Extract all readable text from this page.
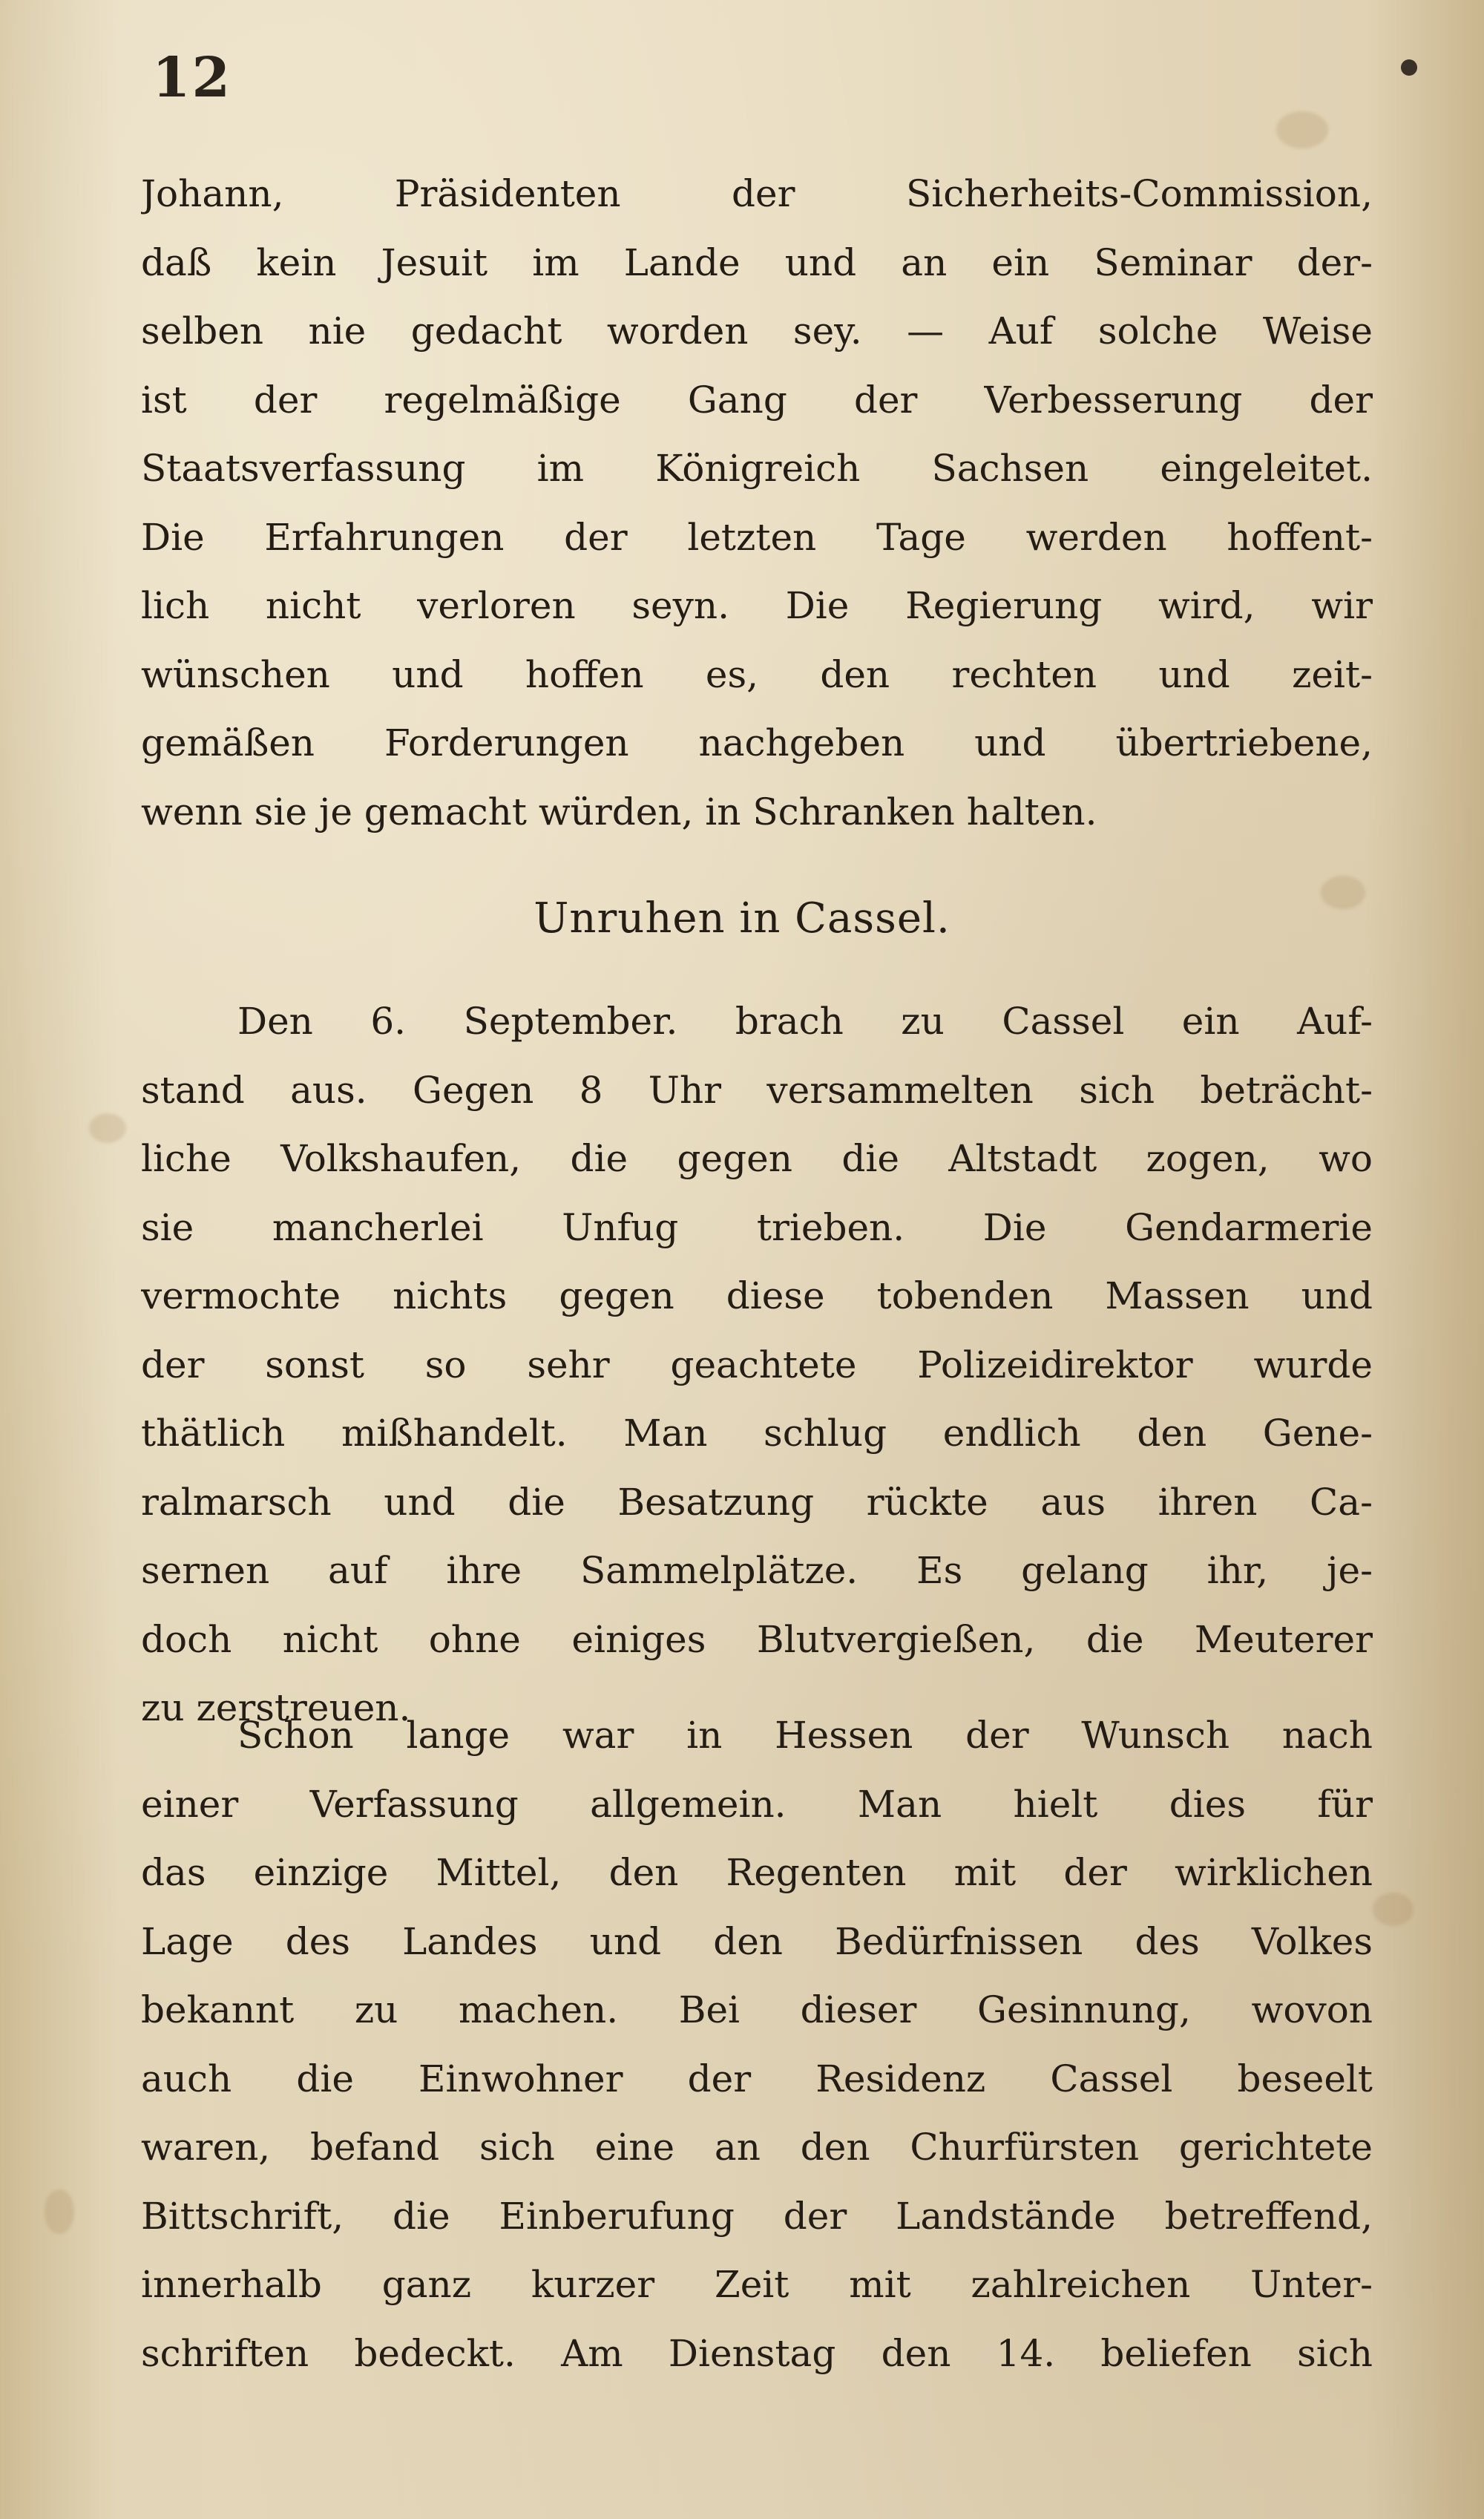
12
Johann, Präsidenten der Sicherheits-Commission,
daß kein Jesuit im Lande und an ein Seminar der-
selben nie gedacht worden sey. — Auf solche Weise
ist der regelmäßige Gang der Verbesserung der
Staatsverfassung im Königreich Sachsen eingeleitet.
Die Erfahrungen der letzten Tage werden hoffent-
lich nicht verloren seyn. Die Regierung wird, wir
wünschen und hoffen es, den rechten und zeit-
gemäßen Forderungen nachgeben und übertriebene,
wenn sie je gemacht würden, in Schranken halten.
Unruhen in Cassel.
Den 6. September. brach zu Cassel ein Auf-
stand aus. Gegen 8 Uhr versammelten sich beträcht-
liche Volkshaufen, die gegen die Altstadt zogen, wo
sie mancherlei Unfug trieben. Die Gendarmerie
vermochte nichts gegen diese tobenden Massen und
der sonst so sehr geachtete Polizeidirektor wurde
thätlich mißhandelt. Man schlug endlich den Gene-
ralmarsch und die Besatzung rückte aus ihren Ca-
sernen auf ihre Sammelplätze. Es gelang ihr, je-
doch nicht ohne einiges Blutvergießen, die Meuterer
zu zerstreuen.
Schon lange war in Hessen der Wunsch nach
einer Verfassung allgemein. Man hielt dies für
das einzige Mittel, den Regenten mit der wirklichen
Lage des Landes und den Bedürfnissen des Volkes
bekannt zu machen. Bei dieser Gesinnung, wovon
auch die Einwohner der Residenz Cassel beseelt
waren, befand sich eine an den Churfürsten gerichtete
Bittschrift, die Einberufung der Landstände betreffend,
innerhalb ganz kurzer Zeit mit zahlreichen Unter-
schriften bedeckt. Am Dienstag den 14. beliefen sich
